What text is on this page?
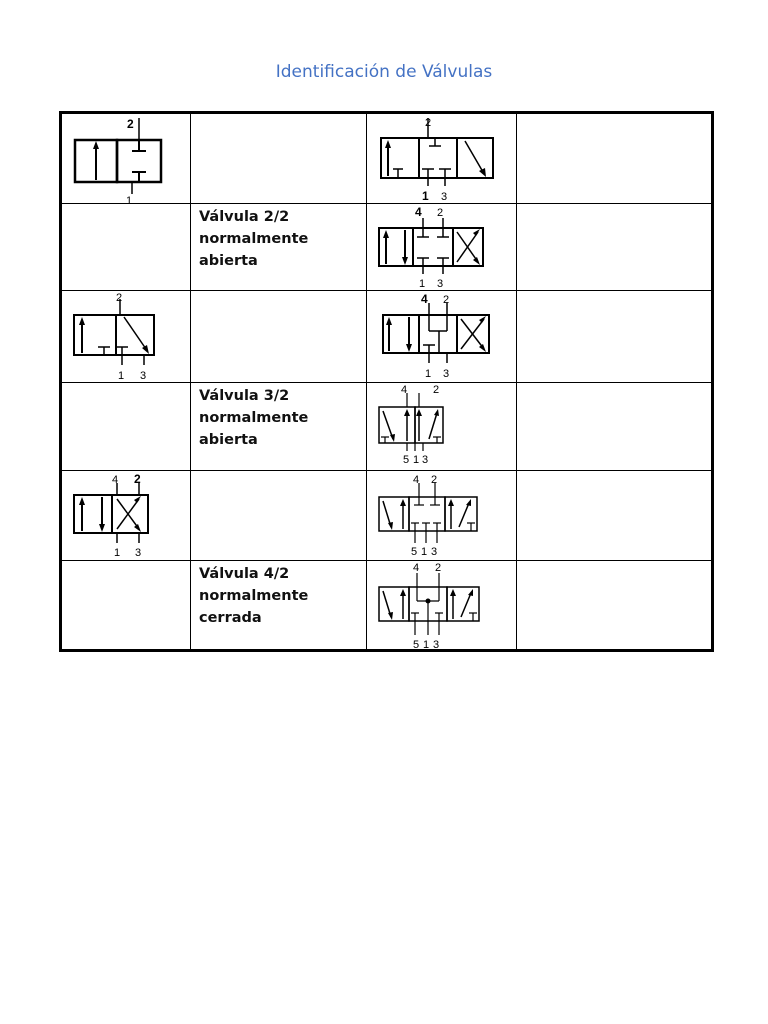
Identificación de Válvulas
2
1		2
1 3	

	Válvula 2/2
normalmente
abierta	4 2
1 3	

2
1 3		4 2
1 3	

	Válvula 3/2
normalmente
abierta	4 2
5 1 3	

4 2
1 3		4 2
5 1 3	

	Válvula 4/2
normalmente
cerrada	4 2
5 1 3	
